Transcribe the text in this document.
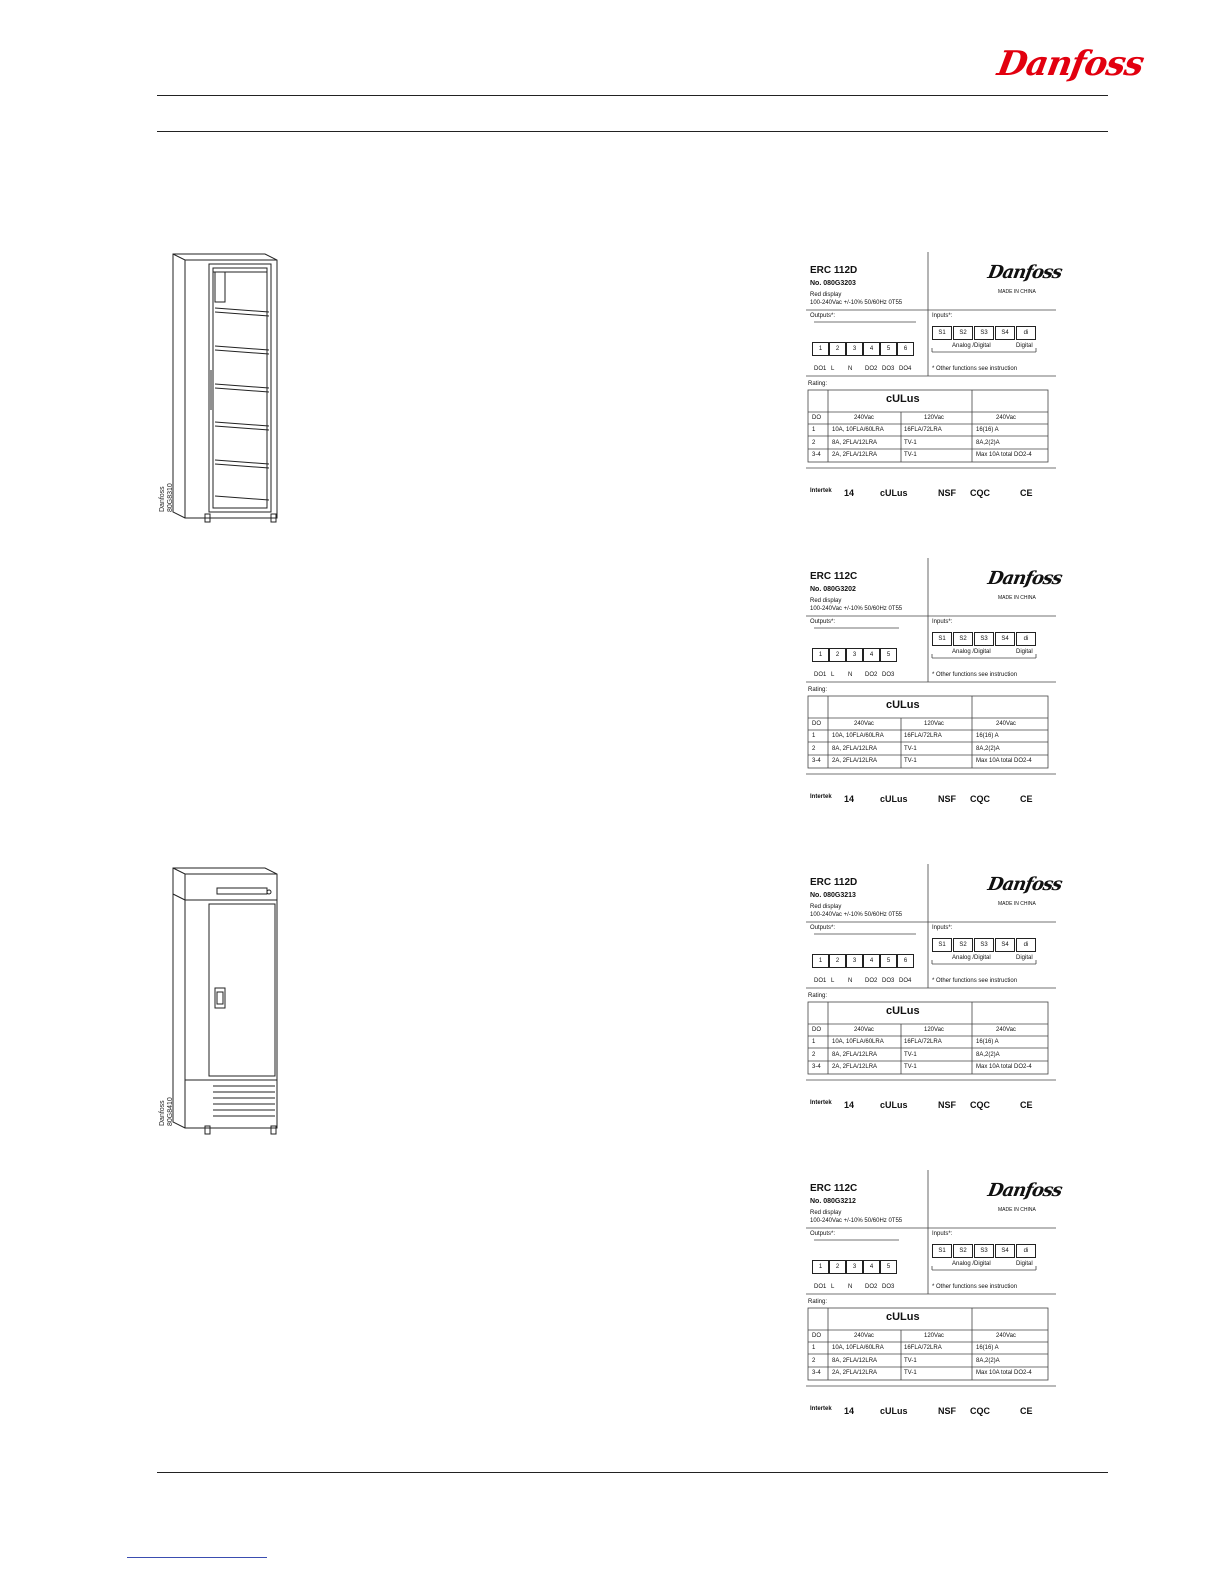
Danfoss
Danfoss
80G8310
Danfoss
80G8410
ERC 112D
No. 080G3203
Red display
100-240Vac +/-10% 50/60Hz 0T55
Danfoss
MADE IN CHINA
Outputs*:
1
DO1
2
L
3
N
4
DO2
5
DO3
6
DO4
Inputs*:
S1	S2	S3	S4	di
Analog /Digital	Digital
* Other functions see instruction
Rating:
cULus
DO	240Vac	120Vac	240Vac
1	10A, 10FLA/60LRA	16FLA/72LRA	16(16) A
2	8A, 2FLA/12LRA	TV-1	8A,2(2)A
3-4 2A, 2FLA/12LRA	TV-1	Max 10A total DO2-4
Intertek 14	cULus	NSF CQC	CE
ERC 112C
No. 080G3202
Red display
100-240Vac +/-10% 50/60Hz 0T55
Danfoss
MADE IN CHINA
Outputs*:
1
DO1
2
L
3
N
4
DO2
5
DO3
Inputs*:
S1	S2	S3	S4	di
Analog /Digital	Digital
* Other functions see instruction
Rating:
cULus
DO	240Vac	120Vac	240Vac
1	10A, 10FLA/60LRA	16FLA/72LRA	16(16) A
2	8A, 2FLA/12LRA	TV-1	8A,2(2)A
3-4 2A, 2FLA/12LRA	TV-1	Max 10A total DO2-4
Intertek 14	cULus	NSF CQC	CE
ERC 112D
No. 080G3213
Red display
100-240Vac +/-10% 50/60Hz 0T55
Danfoss
MADE IN CHINA
Outputs*:
1
DO1
2
L
3
N
4
DO2
5
DO3
6
DO4
Inputs*:
S1	S2	S3	S4	di
Analog /Digital	Digital
* Other functions see instruction
Rating:
cULus
DO	240Vac	120Vac	240Vac
1	10A, 10FLA/60LRA	16FLA/72LRA	16(16) A
2	8A, 2FLA/12LRA	TV-1	8A,2(2)A
3-4 2A, 2FLA/12LRA	TV-1	Max 10A total DO2-4
Intertek 14	cULus	NSF CQC	CE
ERC 112C
No. 080G3212
Red display
100-240Vac +/-10% 50/60Hz 0T55
Danfoss
MADE IN CHINA
Outputs*:
1
DO1
2
L
3
N
4
DO2
5
DO3
Inputs*:
S1	S2	S3	S4	di
Analog /Digital	Digital
* Other functions see instruction
Rating:
cULus
DO	240Vac	120Vac	240Vac
1	10A, 10FLA/60LRA	16FLA/72LRA	16(16) A
2	8A, 2FLA/12LRA	TV-1	8A,2(2)A
3-4 2A, 2FLA/12LRA	TV-1	Max 10A total DO2-4
Intertek 14	cULus	NSF CQC	CE
